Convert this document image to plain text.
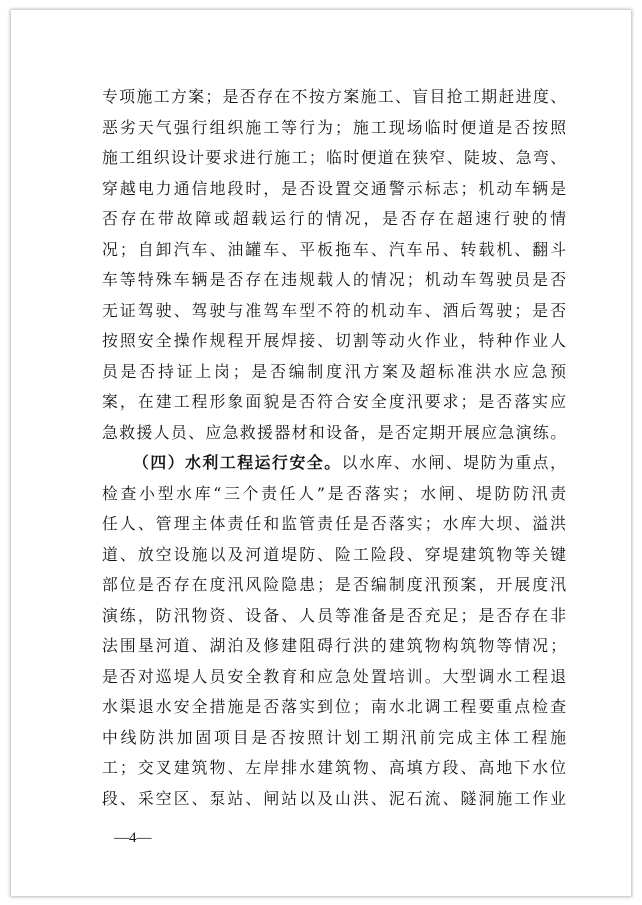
专项施工方案；是否存在不按方案施工、盲目抢工期赶进度、
恶劣天气强行组织施工等行为；施工现场临时便道是否按照
施工组织设计要求进行施工；临时便道在狭窄、陡坡、急弯、
穿越电力通信地段时，是否设置交通警示标志；机动车辆是
否存在带故障或超载运行的情况，是否存在超速行驶的情
况；自卸汽车、油罐车、平板拖车、汽车吊、转载机、翻斗
车等特殊车辆是否存在违规载人的情况；机动车驾驶员是否
无证驾驶、驾驶与准驾车型不符的机动车、酒后驾驶；是否
按照安全操作规程开展焊接、切割等动火作业，特种作业人
员是否持证上岗；是否编制度汛方案及超标准洪水应急预
案，在建工程形象面貌是否符合安全度汛要求；是否落实应
急救援人员、应急救援器材和设备，是否定期开展应急演练。
（四）水利工程运行安全。以水库、水闸、堤防为重点，
检查小型水库“三个责任人”是否落实；水闸、堤防防汛责
任人、管理主体责任和监管责任是否落实；水库大坝、溢洪
道、放空设施以及河道堤防、险工险段、穿堤建筑物等关键
部位是否存在度汛风险隐患；是否编制度汛预案，开展度汛
演练，防汛物资、设备、人员等准备是否充足；是否存在非
法围垦河道、湖泊及修建阻碍行洪的建筑物构筑物等情况；
是否对巡堤人员安全教育和应急处置培训。大型调水工程退
水渠退水安全措施是否落实到位；南水北调工程要重点检查
中线防洪加固项目是否按照计划工期汛前完成主体工程施
工；交叉建筑物、左岸排水建筑物、高填方段、高地下水位
段、采空区、泵站、闸站以及山洪、泥石流、隧洞施工作业
—4—
